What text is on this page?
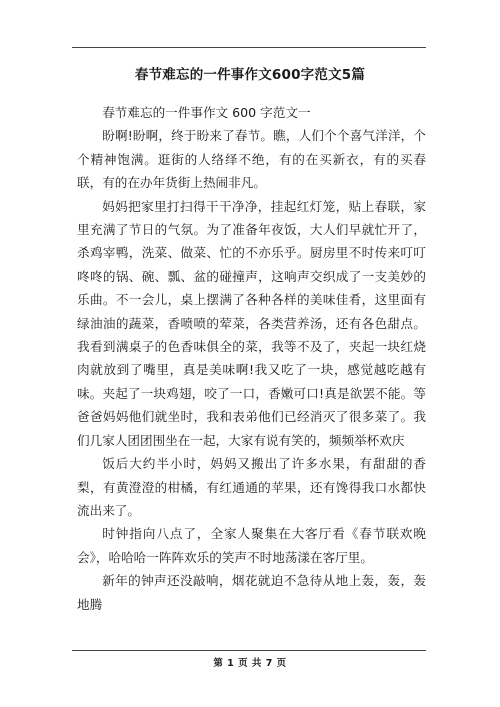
春节难忘的一件事作文600字范文5篇

春节难忘的一件事作文 600 字范文一

盼啊!盼啊，终于盼来了春节。瞧，人们个个喜气洋洋，个个精神饱满。逛街的人络绎不绝，有的在买新衣，有的买春联，有的在办年货街上热闹非凡。

妈妈把家里打扫得干干净净，挂起红灯笼，贴上春联，家里充满了节日的气氛。为了准备年夜饭，大人们早就忙开了，杀鸡宰鸭，洗菜、做菜、忙的不亦乐乎。厨房里不时传来叮叮咚咚的锅、碗、瓢、盆的碰撞声，这响声交织成了一支美妙的乐曲。不一会儿，桌上摆满了各种各样的美味佳肴，这里面有绿油油的蔬菜，香喷喷的荤菜，各类营养汤，还有各色甜点。我看到满桌子的色香味俱全的菜，我等不及了，夹起一块红烧肉就放到了嘴里，真是美味啊!我又吃了一块，感觉越吃越有味。夹起了一块鸡翅，咬了一口，香嫩可口!真是欲罢不能。等爸爸妈妈他们就坐时，我和表弟他们已经消灭了很多菜了。我们几家人团团围坐在一起，大家有说有笑的，频频举杯欢庆

饭后大约半小时，妈妈又搬出了许多水果，有甜甜的香梨，有黄澄澄的柑橘，有红通通的苹果，还有馋得我口水都快流出来了。

时钟指向八点了，全家人聚集在大客厅看《春节联欢晚会》，哈哈哈一阵阵欢乐的笑声不时地荡漾在客厅里。

新年的钟声还没敲响，烟花就迫不急待从地上轰，轰，轰地腾

第 1 页 共 7 页
